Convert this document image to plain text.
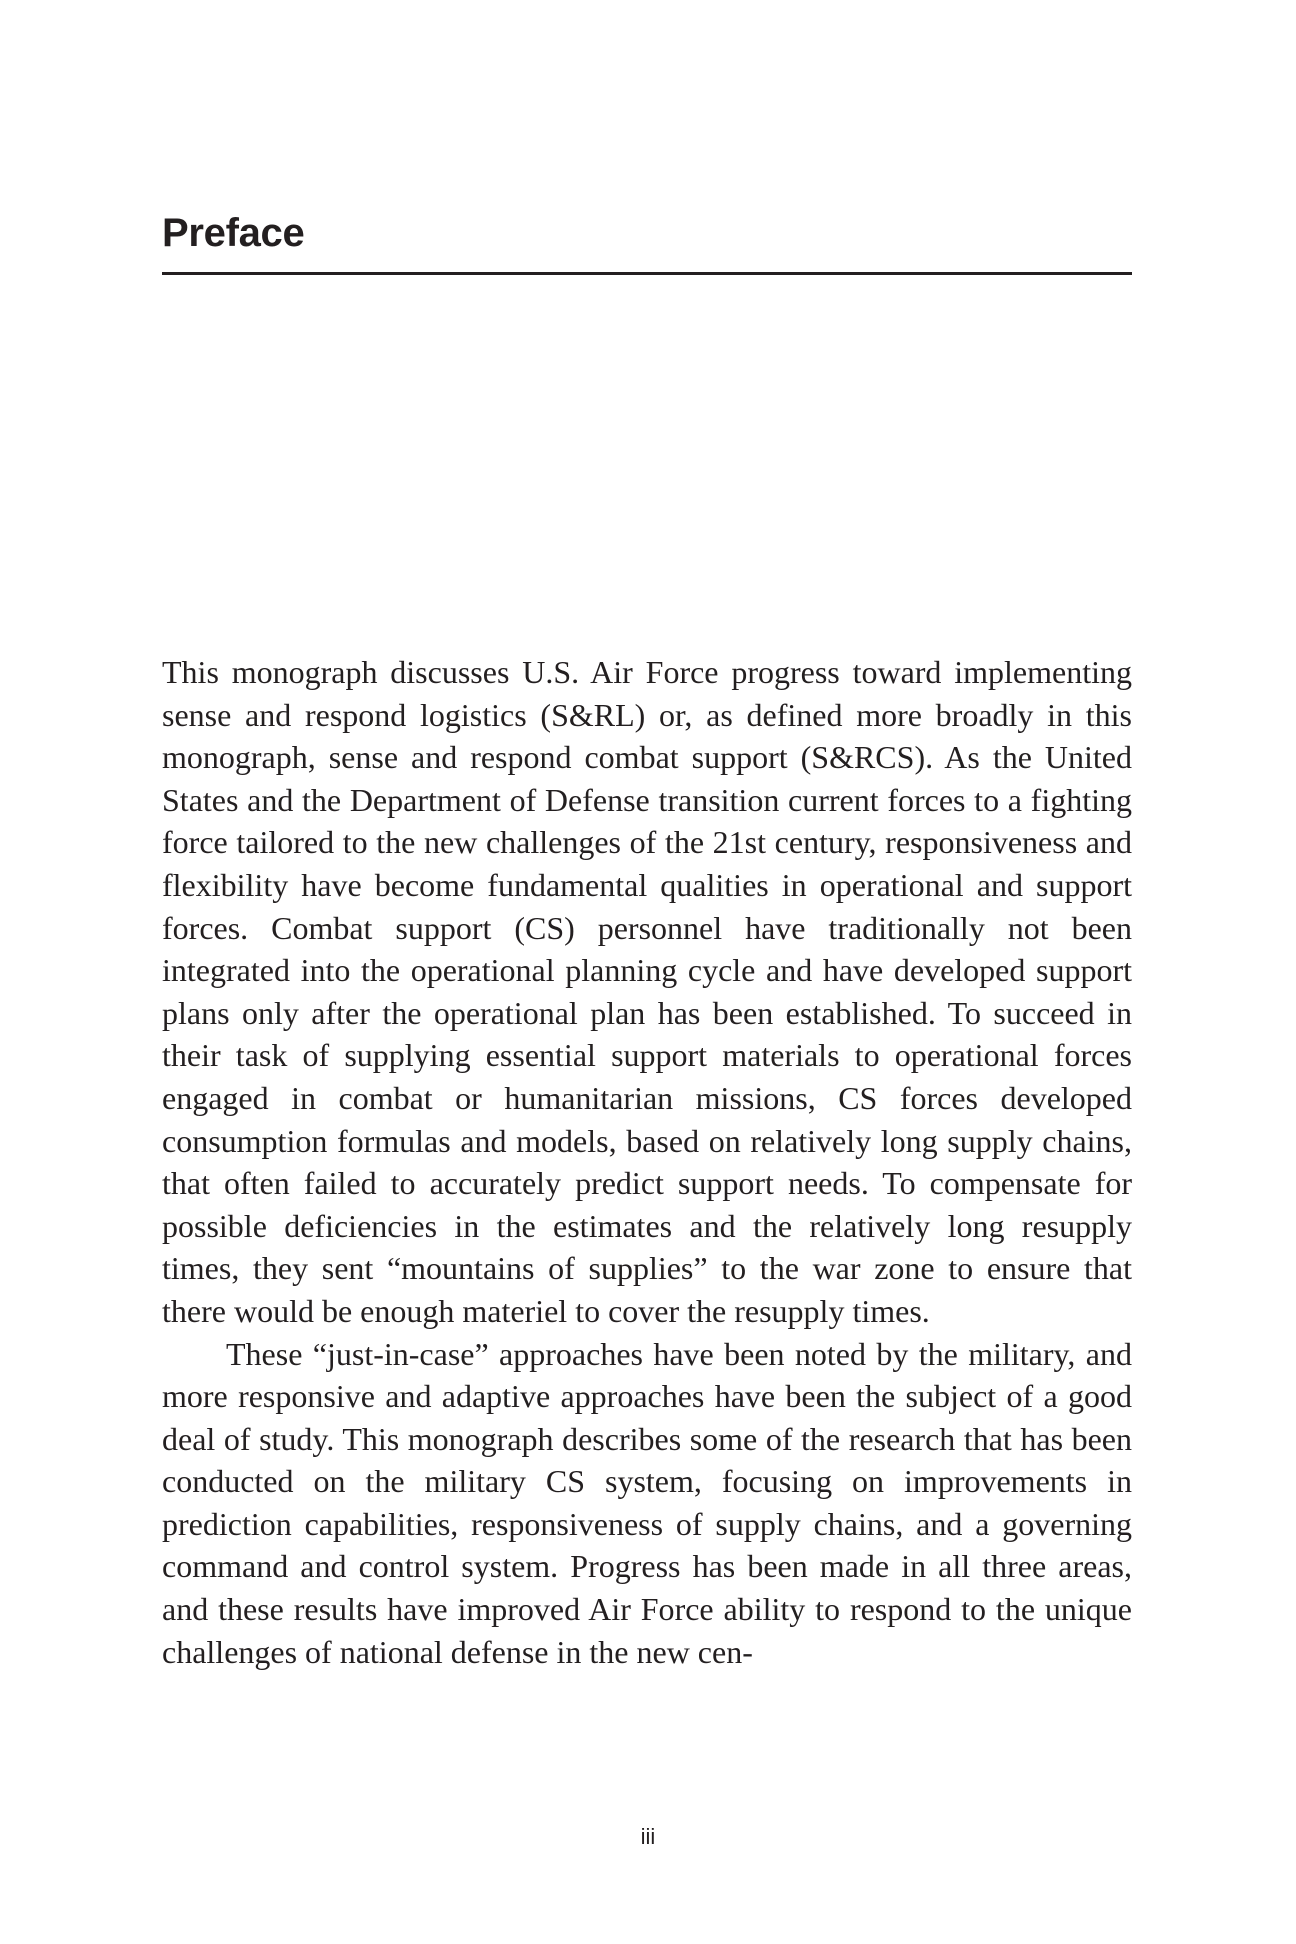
Preface

This monograph discusses U.S. Air Force progress toward implementing sense and respond logistics (S&RL) or, as defined more broadly in this monograph, sense and respond combat support (S&RCS). As the United States and the Department of Defense transition current forces to a fighting force tailored to the new challenges of the 21st century, responsiveness and flexibility have become fundamental qualities in operational and support forces. Combat support (CS) personnel have traditionally not been integrated into the operational planning cycle and have developed support plans only after the operational plan has been established. To succeed in their task of supplying essential support materials to operational forces engaged in combat or humanitarian missions, CS forces developed consumption formulas and models, based on relatively long supply chains, that often failed to accurately predict support needs. To compensate for possible deficiencies in the estimates and the relatively long resupply times, they sent “mountains of supplies” to the war zone to ensure that there would be enough materiel to cover the resupply times.

These “just-in-case” approaches have been noted by the military, and more responsive and adaptive approaches have been the subject of a good deal of study. This monograph describes some of the research that has been conducted on the military CS system, focusing on improvements in prediction capabilities, responsiveness of supply chains, and a governing command and control system. Progress has been made in all three areas, and these results have improved Air Force ability to respond to the unique challenges of national defense in the new cen-

iii
